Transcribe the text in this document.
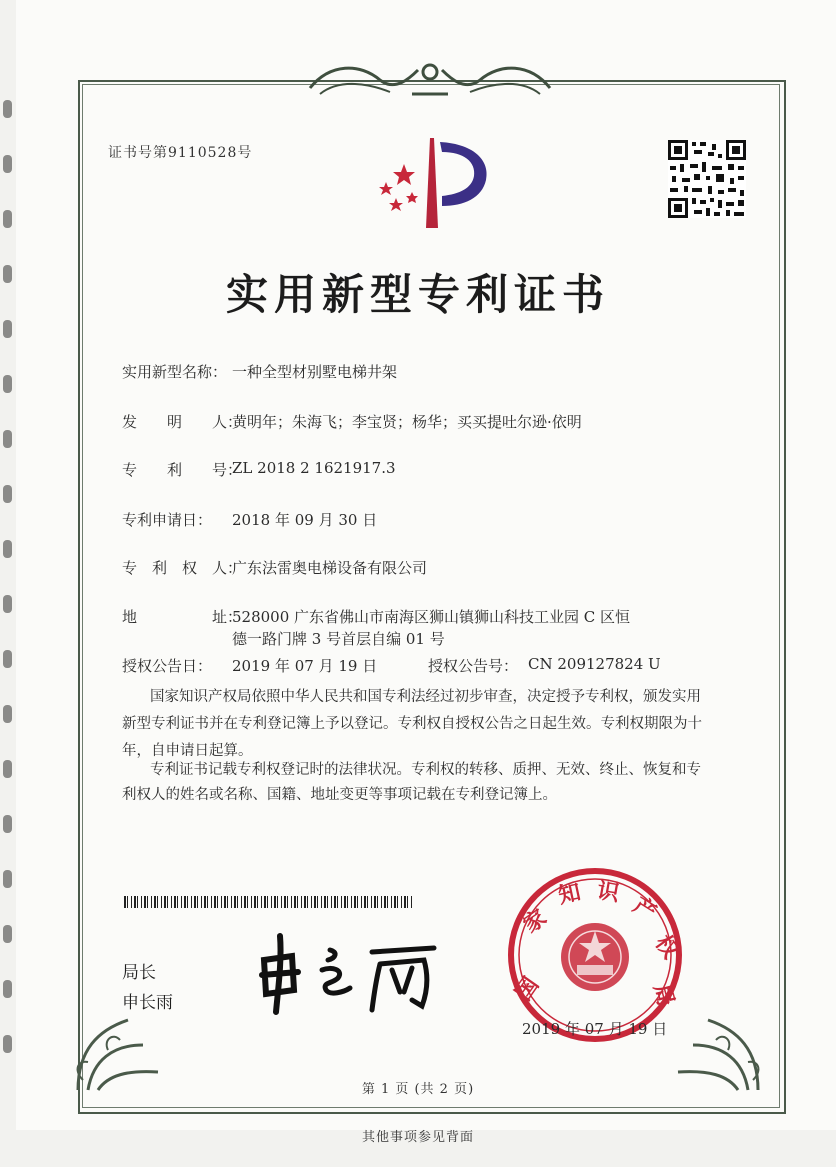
证书号第9110528号
实用新型专利证书
实用新型名称： 一种全型材别墅电梯井架
发　　明　　人：
黄明年；朱海飞；李宝贤；杨华；买买提吐尔逊·依明
专　　利　　号：
ZL 2018 2 1621917.3
专利申请日： 2018 年 09 月 30 日
专　利　权　人：
广东法雷奥电梯设备有限公司
地　　　　　址：
528000 广东省佛山市南海区狮山镇狮山科技工业园 C 区恒
德一路门牌 3 号首层自编 01 号
授权公告日： 2019 年 07 月 19 日	授权公告号： CN 209127824 U
国家知识产权局依照中华人民共和国专利法经过初步审查，决定授予专利权，颁发实用
新型专利证书并在专利登记簿上予以登记。专利权自授权公告之日起生效。专利权期限为十
年，自申请日起算。
专利证书记载专利权登记时的法律状况。专利权的转移、质押、无效、终止、恢复和专
利权人的姓名或名称、国籍、地址变更等事项记载在专利登记簿上。
局长
申长雨	国
家
知 识
产
权
局
2019 年 07 月 19 日
第 1 页 (共 2 页)
其他事项参见背面
